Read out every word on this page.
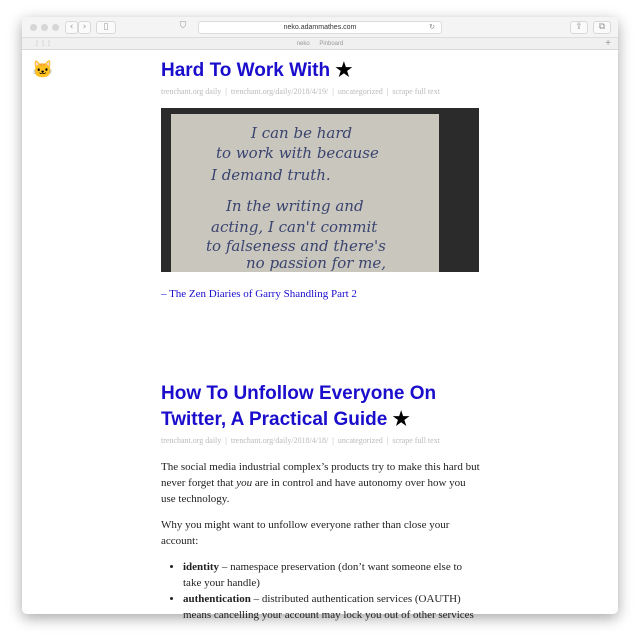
‹	›	▯	⛉	neko.adammathes.com	↻	⇪	⧉
⋮⋮⋮	neko Pinboard	+
🐱	Hard To Work With ★
trenchant.org daily | trenchant.org/daily/2018/4/19/ | uncategorized | scrape full text
I can be hard
to work with because
I demand truth.
In the writing and
acting, I can't commit
to falseness and there's
no passion for me,
– The Zen Diaries of Garry Shandling Part 2
How To Unfollow Everyone On Twitter, A Practical Guide ★
trenchant.org daily | trenchant.org/daily/2018/4/18/ | uncategorized | scrape full text

The social media industrial complex’s products try to make this hard but never forget that you are in control and have autonomy over how you use technology.

Why you might want to unfollow everyone rather than close your account:

• identity – namespace preservation (don’t want someone else to take your handle)
• authentication – distributed authentication services (OAUTH) means cancelling your account may lock you out of other services
